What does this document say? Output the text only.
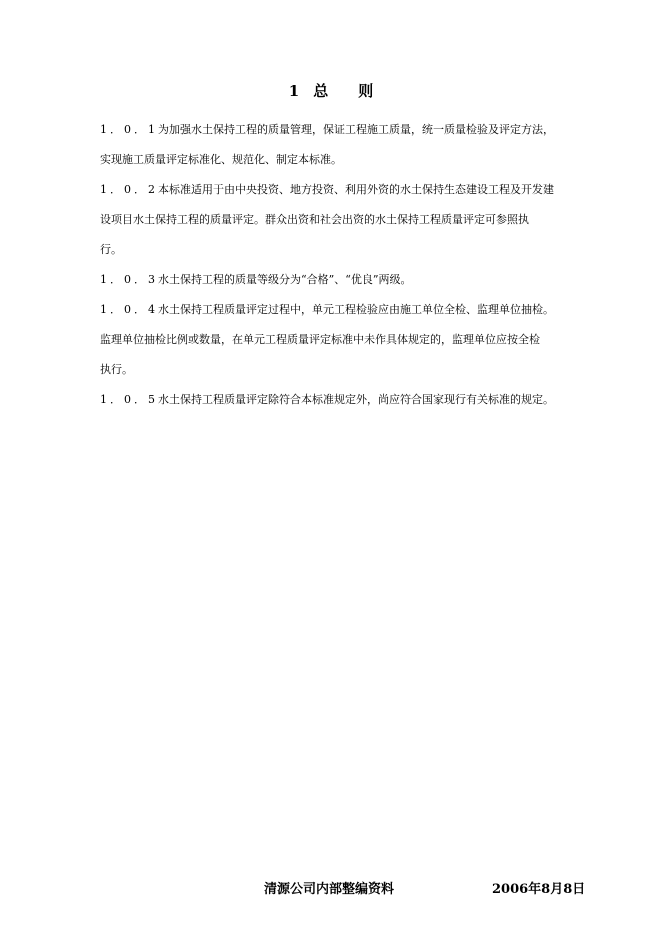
1 总 则
1．0．1为加强水土保持工程的质量管理，保证工程施工质量，统一质量检验及评定方法，
实现施工质量评定标准化、规范化、制定本标准。
1．0．2本标准适用于由中央投资、地方投资、利用外资的水土保持生态建设工程及开发建
设项目水土保持工程的质量评定。群众出资和社会出资的水土保持工程质量评定可参照执
行。
1．0．3水土保持工程的质量等级分为“合格”、“优良”两级。
1．0．4水土保持工程质量评定过程中，单元工程检验应由施工单位全检、监理单位抽检。
监理单位抽检比例或数量，在单元工程质量评定标准中未作具体规定的，监理单位应按全检
执行。
1．0．5水土保持工程质量评定除符合本标准规定外，尚应符合国家现行有关标准的规定。
清源公司内部整编资料	2006年8月8日
